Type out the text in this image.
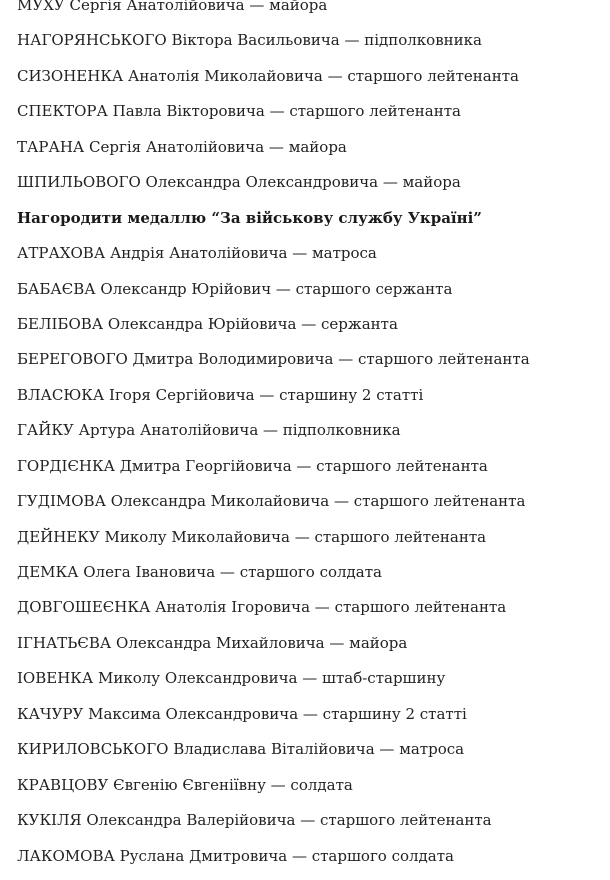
МУХУ Сергія Анатолійовича — майора
НАГОРЯНСЬКОГО Віктора Васильовича — підполковника
СИЗОНЕНКА Анатолія Миколайовича — старшого лейтенанта
СПЕКТОРА Павла Вікторовича — старшого лейтенанта
ТАРАНА Сергія Анатолійовича — майора
ШПИЛЬОВОГО Олександра Олександровича — майора
Нагородити медаллю “За військову службу Україні”
АТРАХОВА Андрія Анатолійовича — матроса
БАБАЄВА Олександр Юрійович — старшого сержанта
БЕЛІБОВА Олександра Юрійовича — сержанта
БЕРЕГОВОГО Дмитра Володимировича — старшого лейтенанта
ВЛАСЮКА Ігоря Сергійовича — старшину 2 статті
ГАЙКУ Артура Анатолійовича — підполковника
ГОРДІЄНКА Дмитра Георгійовича — старшого лейтенанта
ГУДІМОВА Олександра Миколайовича — старшого лейтенанта
ДЕЙНЕКУ Миколу Миколайовича — старшого лейтенанта
ДЕМКА Олега Івановича — старшого солдата
ДОВГОШЕЄНКА Анатолія Ігоровича — старшого лейтенанта
ІГНАТЬЄВА Олександра Михайловича — майора
ІОВЕНКА Миколу Олександровича — штаб-старшину
КАЧУРУ Максима Олександровича — старшину 2 статті
КИРИЛОВСЬКОГО Владислава Віталійовича — матроса
КРАВЦОВУ Євгенію Євгеніївну — солдата
КУКІЛЯ Олександра Валерійовича — старшого лейтенанта
ЛАКОМОВА Руслана Дмитровича — старшого солдата
